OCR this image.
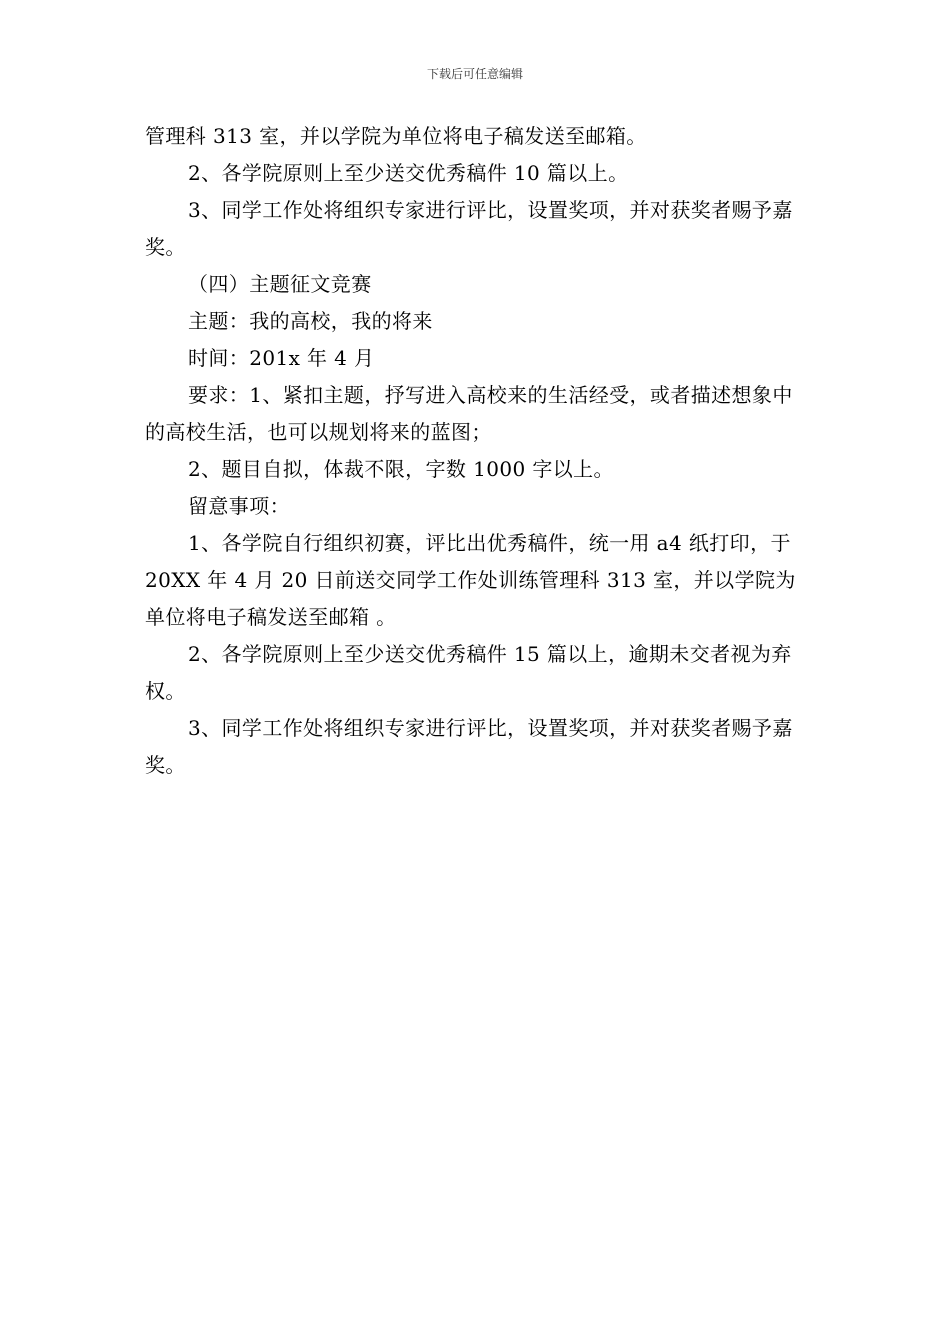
下载后可任意编辑

管理科 313 室，并以学院为单位将电子稿发送至邮箱。

2、各学院原则上至少送交优秀稿件 10 篇以上。

3、同学工作处将组织专家进行评比，设置奖项，并对获奖者赐予嘉奖。

（四）主题征文竞赛

主题：我的高校，我的将来

时间：201x 年 4 月

要求：1、紧扣主题，抒写进入高校来的生活经受，或者描述想象中的高校生活，也可以规划将来的蓝图；

2、题目自拟，体裁不限，字数 1000 字以上。

留意事项：

1、各学院自行组织初赛，评比出优秀稿件，统一用 a4 纸打印，于 20XX 年 4 月 20 日前送交同学工作处训练管理科 313 室，并以学院为单位将电子稿发送至邮箱 。

2、各学院原则上至少送交优秀稿件 15 篇以上，逾期未交者视为弃权。

3、同学工作处将组织专家进行评比，设置奖项，并对获奖者赐予嘉奖。
